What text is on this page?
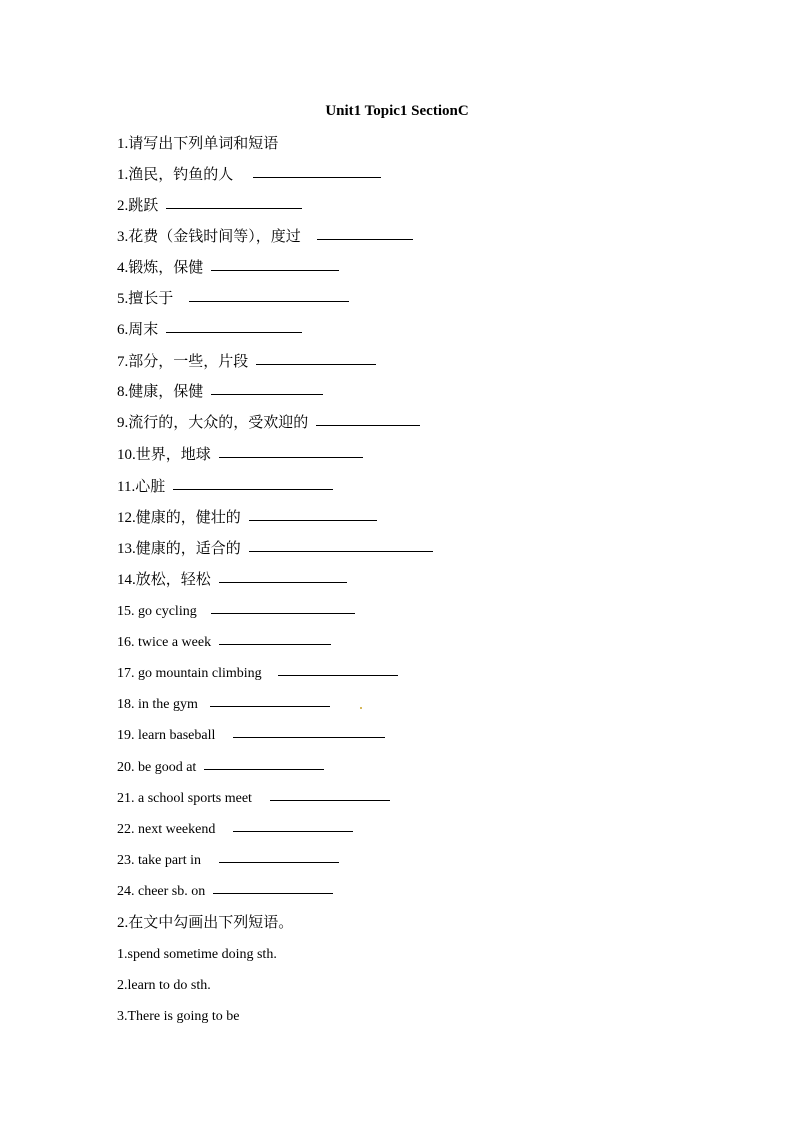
Unit1 Topic1 SectionC
1.请写出下列单词和短语
1.渔民，钓鱼的人
2.跳跃
3.花费（金钱时间等），度过
4.锻炼，保健
5.擅长于
6.周末
7.部分，一些，片段
8.健康，保健
9.流行的，大众的，受欢迎的
10.世界，地球
11.心脏
12.健康的，健壮的
13.健康的，适合的
14.放松，轻松
15. go cycling
16. twice a week
17. go mountain climbing
18. in the gym
19. learn baseball
20. be good at
21. a school sports meet
22. next weekend
23. take part in
24. cheer sb. on
2.在文中勾画出下列短语。
1.spend sometime doing sth.
2.learn to do sth.
3.There is going to be
